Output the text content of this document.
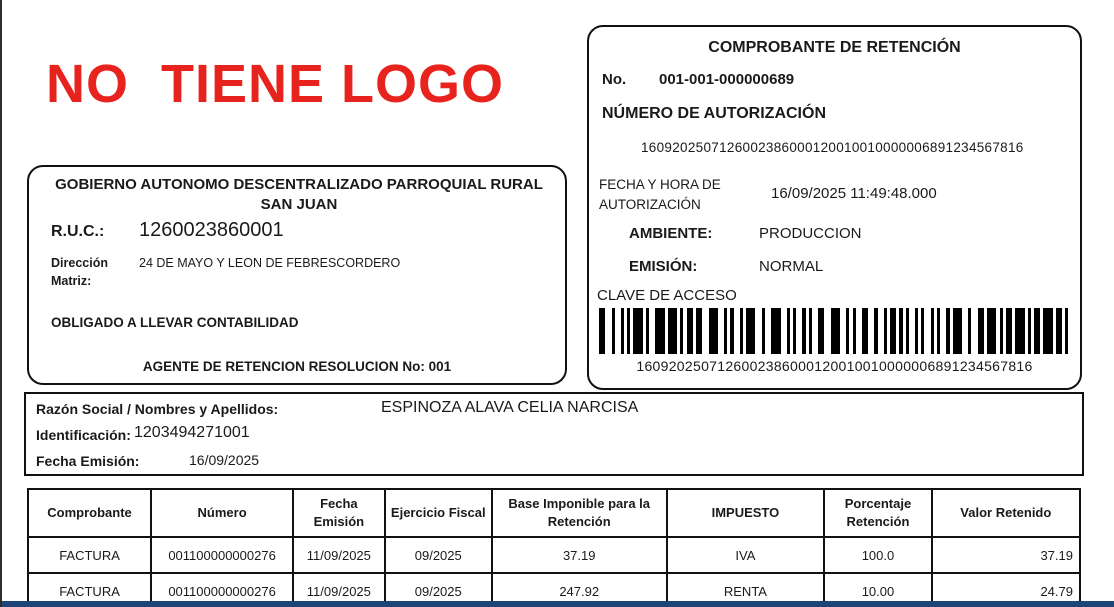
NO  TIENE LOGO
COMPROBANTE DE RETENCIÓN
No. 001-001-000000689
NÚMERO DE AUTORIZACIÓN
1609202507126002386000120010010000006891234567816
FECHA Y HORA DE AUTORIZACIÓN
16/09/2025 11:49:48.000
AMBIENTE:	PRODUCCION
EMISIÓN:	NORMAL
CLAVE DE ACCESO
1609202507126002386000120010010000006891234567816
GOBIERNO AUTONOMO DESCENTRALIZADO PARROQUIAL RURAL SAN JUAN
R.U.C.: 1260023860001
Dirección Matriz:
24 DE MAYO Y LEON DE FEBRESCORDERO
OBLIGADO A LLEVAR CONTABILIDAD
AGENTE DE RETENCION RESOLUCION No: 001
Razón Social / Nombres y Apellidos:	ESPINOZA ALAVA CELIA NARCISA
Identificación: 1203494271001
Fecha Emisión:	16/09/2025
Comprobante	Número	Fecha Emisión	Ejercicio Fiscal	Base Imponible para la Retención	IMPUESTO	Porcentaje Retención	Valor Retenido
FACTURA	001100000000276	11/09/2025	09/2025	37.19	IVA	100.0	37.19
FACTURA	001100000000276	11/09/2025	09/2025	247.92	RENTA	10.00	24.79
